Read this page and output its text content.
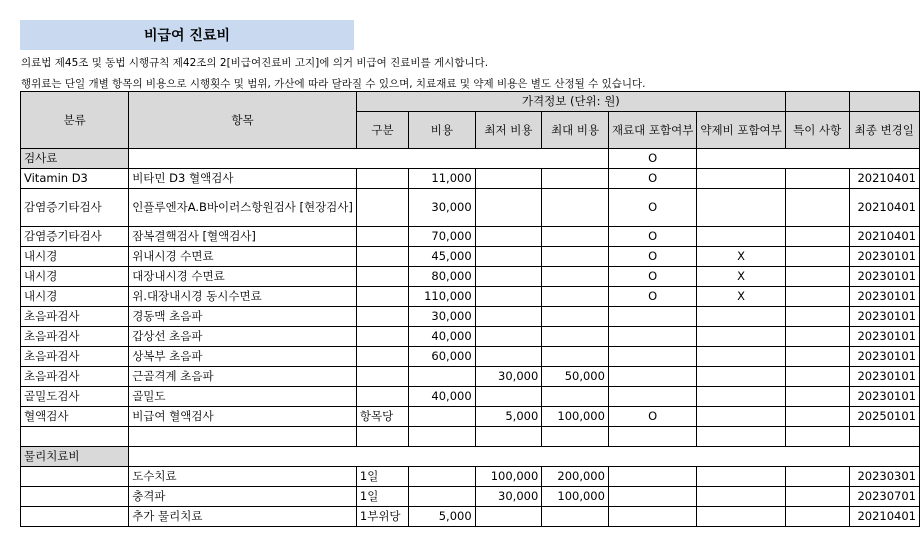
비급여 진료비
의료법 제45조 및 동법 시행규칙 제42조의 2[비급여진료비 고지]에 의거 비급여 진료비를 게시합니다.
행위료는 단일 개별 항목의 비용으로 시행횟수 및 범위, 가산에 따라 달라질 수 있으며, 치료재료 및 약제 비용은 별도 산정될 수 있습니다.
분류	항목	가격정보 (단위: 원)							
		구분	비용	최저 비용	최대 비용	재료대 포함여부	약제비 포함여부	특이 사항	최종 변경일
검사료						O			
Vitamin D3	비타민 D3 혈액검사		11,000			O			20210401
감염증기타검사	인플루엔자A.B바이러스항원검사 [현장검사]		30,000			O			20210401
감염증기타검사	잠복결핵검사 [혈액검사]		70,000			O			20210401
내시경	위내시경 수면료		45,000			O	X		20230101
내시경	대장내시경 수면료		80,000			O	X		20230101
내시경	위.대장내시경 동시수면료		110,000			O	X		20230101
초음파검사	경동맥 초음파		30,000						20230101
초음파검사	갑상선 초음파		40,000						20230101
초음파검사	상복부 초음파		60,000						20230101
초음파검사	근골격계 초음파			30,000	50,000				20230101
골밀도검사	골밀도		40,000						20230101
혈액검사	비급여 혈액검사	항목당		5,000	100,000	O			20250101

물리치료비									
	도수치료	1일		100,000	200,000				20230301
	충격파	1일		30,000	100,000				20230701
	추가 물리치료	1부위당	5,000						20210401
